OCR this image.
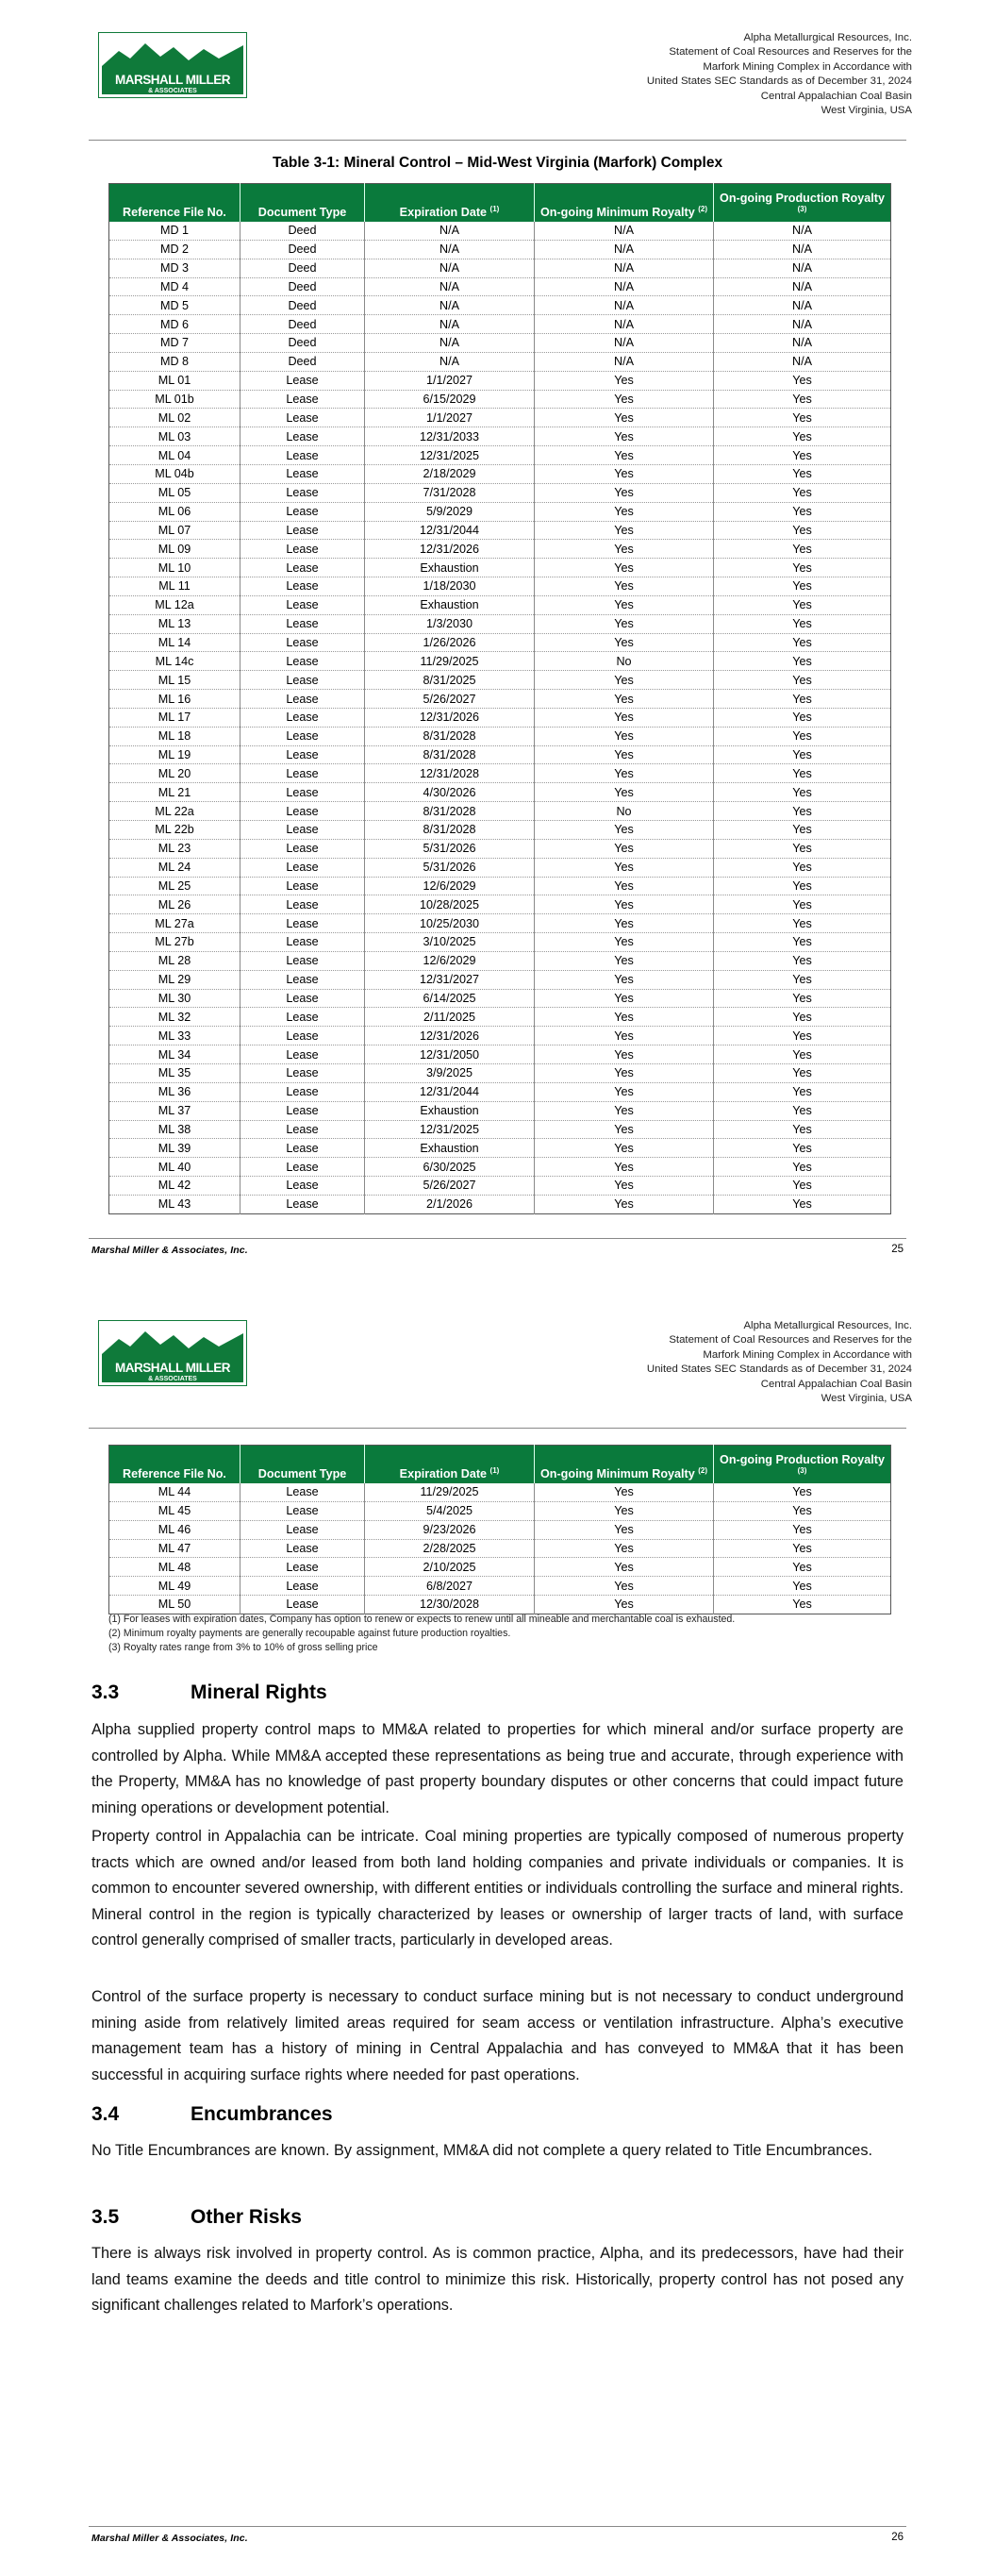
MARSHALL MILLER
& ASSOCIATES
Alpha Metallurgical Resources, Inc.
Statement of Coal Resources and Reserves for the
Marfork Mining Complex in Accordance with
United States SEC Standards as of December 31, 2024
Central Appalachian Coal Basin
West Virginia, USA
Table 3-1: Mineral Control – Mid-West Virginia (Marfork) Complex
Reference File No.	Document Type	Expiration Date $^{(1)}$	On-going Minimum Royalty $^{(2)}$	On-going Production Royalty $^{(3)}$
MD 1	Deed	N/A	N/A	N/A
MD 2	Deed	N/A	N/A	N/A
MD 3	Deed	N/A	N/A	N/A
MD 4	Deed	N/A	N/A	N/A
MD 5	Deed	N/A	N/A	N/A
MD 6	Deed	N/A	N/A	N/A
MD 7	Deed	N/A	N/A	N/A
MD 8	Deed	N/A	N/A	N/A
ML 01	Lease	1/1/2027	Yes	Yes
ML 01b	Lease	6/15/2029	Yes	Yes
ML 02	Lease	1/1/2027	Yes	Yes
ML 03	Lease	12/31/2033	Yes	Yes
ML 04	Lease	12/31/2025	Yes	Yes
ML 04b	Lease	2/18/2029	Yes	Yes
ML 05	Lease	7/31/2028	Yes	Yes
ML 06	Lease	5/9/2029	Yes	Yes
ML 07	Lease	12/31/2044	Yes	Yes
ML 09	Lease	12/31/2026	Yes	Yes
ML 10	Lease	Exhaustion	Yes	Yes
ML 11	Lease	1/18/2030	Yes	Yes
ML 12a	Lease	Exhaustion	Yes	Yes
ML 13	Lease	1/3/2030	Yes	Yes
ML 14	Lease	1/26/2026	Yes	Yes
ML 14c	Lease	11/29/2025	No	Yes
ML 15	Lease	8/31/2025	Yes	Yes
ML 16	Lease	5/26/2027	Yes	Yes
ML 17	Lease	12/31/2026	Yes	Yes
ML 18	Lease	8/31/2028	Yes	Yes
ML 19	Lease	8/31/2028	Yes	Yes
ML 20	Lease	12/31/2028	Yes	Yes
ML 21	Lease	4/30/2026	Yes	Yes
ML 22a	Lease	8/31/2028	No	Yes
ML 22b	Lease	8/31/2028	Yes	Yes
ML 23	Lease	5/31/2026	Yes	Yes
ML 24	Lease	5/31/2026	Yes	Yes
ML 25	Lease	12/6/2029	Yes	Yes
ML 26	Lease	10/28/2025	Yes	Yes
ML 27a	Lease	10/25/2030	Yes	Yes
ML 27b	Lease	3/10/2025	Yes	Yes
ML 28	Lease	12/6/2029	Yes	Yes
ML 29	Lease	12/31/2027	Yes	Yes
ML 30	Lease	6/14/2025	Yes	Yes
ML 32	Lease	2/11/2025	Yes	Yes
ML 33	Lease	12/31/2026	Yes	Yes
ML 34	Lease	12/31/2050	Yes	Yes
ML 35	Lease	3/9/2025	Yes	Yes
ML 36	Lease	12/31/2044	Yes	Yes
ML 37	Lease	Exhaustion	Yes	Yes
ML 38	Lease	12/31/2025	Yes	Yes
ML 39	Lease	Exhaustion	Yes	Yes
ML 40	Lease	6/30/2025	Yes	Yes
ML 42	Lease	5/26/2027	Yes	Yes
ML 43	Lease	2/1/2026	Yes	Yes
Marshal Miller & Associates, Inc.	25
MARSHALL MILLER
& ASSOCIATES
Alpha Metallurgical Resources, Inc.
Statement of Coal Resources and Reserves for the
Marfork Mining Complex in Accordance with
United States SEC Standards as of December 31, 2024
Central Appalachian Coal Basin
West Virginia, USA
Reference File No.	Document Type	Expiration Date $^{(1)}$	On-going Minimum Royalty $^{(2)}$	On-going Production Royalty $^{(3)}$
ML 44	Lease	11/29/2025	Yes	Yes
ML 45	Lease	5/4/2025	Yes	Yes
ML 46	Lease	9/23/2026	Yes	Yes
ML 47	Lease	2/28/2025	Yes	Yes
ML 48	Lease	2/10/2025	Yes	Yes
ML 49	Lease	6/8/2027	Yes	Yes
ML 50	Lease	12/30/2028	Yes	Yes
(1) For leases with expiration dates, Company has option to renew or expects to renew until all mineable and merchantable coal is exhausted.
(2) Minimum royalty payments are generally recoupable against future production royalties.
(3) Royalty rates range from 3% to 10% of gross selling price
3.3	Mineral Rights
Alpha supplied property control maps to MM&A related to properties for which mineral and/or surface property are controlled by Alpha. While MM&A accepted these representations as being true and accurate, through experience with the Property, MM&A has no knowledge of past property boundary disputes or other concerns that could impact future mining operations or development potential.
Property control in Appalachia can be intricate. Coal mining properties are typically composed of numerous property tracts which are owned and/or leased from both land holding companies and private individuals or companies. It is common to encounter severed ownership, with different entities or individuals controlling the surface and mineral rights. Mineral control in the region is typically characterized by leases or ownership of larger tracts of land, with surface control generally comprised of smaller tracts, particularly in developed areas.
Control of the surface property is necessary to conduct surface mining but is not necessary to conduct underground mining aside from relatively limited areas required for seam access or ventilation infrastructure. Alpha’s executive management team has a history of mining in Central Appalachia and has conveyed to MM&A that it has been successful in acquiring surface rights where needed for past operations.
3.4	Encumbrances
No Title Encumbrances are known. By assignment, MM&A did not complete a query related to Title Encumbrances.
3.5	Other Risks
There is always risk involved in property control. As is common practice, Alpha, and its predecessors, have had their land teams examine the deeds and title control to minimize this risk. Historically, property control has not posed any significant challenges related to Marfork’s operations.
Marshal Miller & Associates, Inc.	26
